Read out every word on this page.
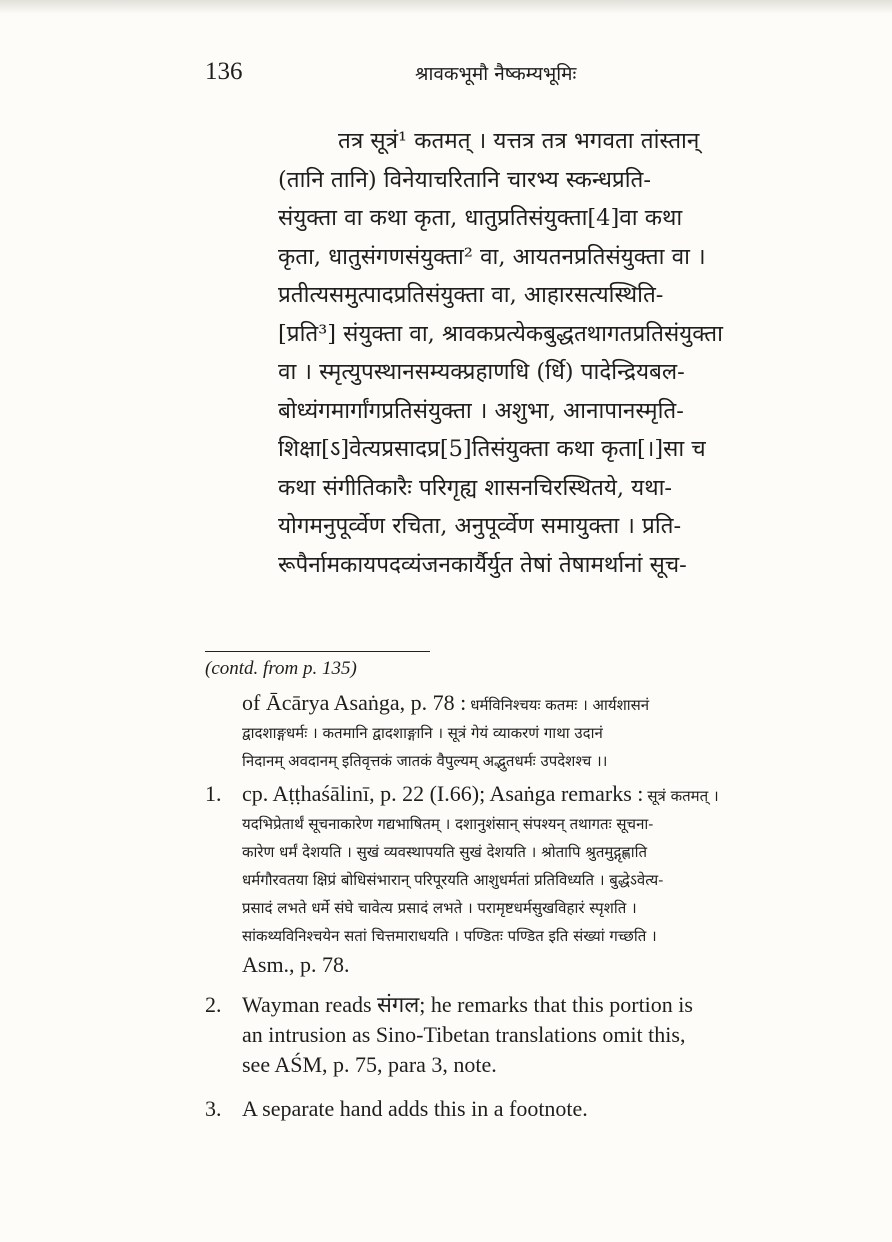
136	श्रावकभूमौ नैष्कम्यभूमिः

तत्र सूत्रं¹ कतमत् । यत्तत्र तत्र भगवता तांस्तान्

(तानि तानि) विनेयाचरितानि चारभ्य स्कन्धप्रति-

संयुक्ता वा कथा कृता, धातुप्रतिसंयुक्ता[4]वा कथा

कृता, धातुसंगणसंयुक्ता² वा, आयतनप्रतिसंयुक्ता वा ।

प्रतीत्यसमुत्पादप्रतिसंयुक्ता वा, आहारसत्यस्थिति-

[प्रति³] संयुक्ता वा, श्रावकप्रत्येकबुद्धतथागतप्रतिसंयुक्ता

वा । स्मृत्युपस्थानसम्यक्प्रहाणधि (र्धि) पादेन्द्रियबल-

बोध्यंगमार्गांगप्रतिसंयुक्ता । अशुभा, आनापानस्मृति-

शिक्षा[ऽ]वेत्यप्रसादप्र[5]तिसंयुक्ता कथा कृता[।]सा च

कथा संगीतिकारैः परिगृह्य शासनचिरस्थितये, यथा-

योगमनुपूर्व्वेण रचिता, अनुपूर्व्वेण समायुक्ता । प्रति-

रूपैर्नामकायपदव्यंजनकार्यैर्युत तेषां तेषामर्थानां सूच-

(contd. from p. 135)

of Ācārya Asaṅga, p. 78 : धर्मविनिश्चयः कतमः । आर्यशासनं

द्वादशाङ्गधर्मः । कतमानि द्वादशाङ्गानि । सूत्रं गेयं व्याकरणं गाथा उदानं

निदानम् अवदानम् इतिवृत्तकं जातकं वैपुल्यम् अद्भुतधर्मः उपदेशश्च ।।

1. cp. Aṭṭhaśālinī, p. 22 (I.66); Asaṅga remarks : सूत्रं कतमत् ।

यदभिप्रेतार्थं सूचनाकारेण गद्यभाषितम् । दशानुशंसान् संपश्यन् तथागतः सूचना-

कारेण धर्मं देशयति । सुखं व्यवस्थापयति सुखं देशयति । श्रोतापि श्रुतमुद्गृह्णाति

धर्मगौरवतया क्षिप्रं बोधिसंभारान् परिपूरयति आशुधर्मतां प्रतिविध्यति । बुद्धेऽवेत्य-

प्रसादं लभते धर्मे संघे चावेत्य प्रसादं लभते । परामृष्टधर्मसुखविहारं स्पृशति ।

सांकथ्यविनिश्चयेन सतां चित्तमाराधयति । पण्डितः पण्डित इति संख्यां गच्छति ।

Asm., p. 78.

2. Wayman reads संगल; he remarks that this portion is

an intrusion as Sino-Tibetan translations omit this,

see AŚM, p. 75, para 3, note.

3. A separate hand adds this in a footnote.
